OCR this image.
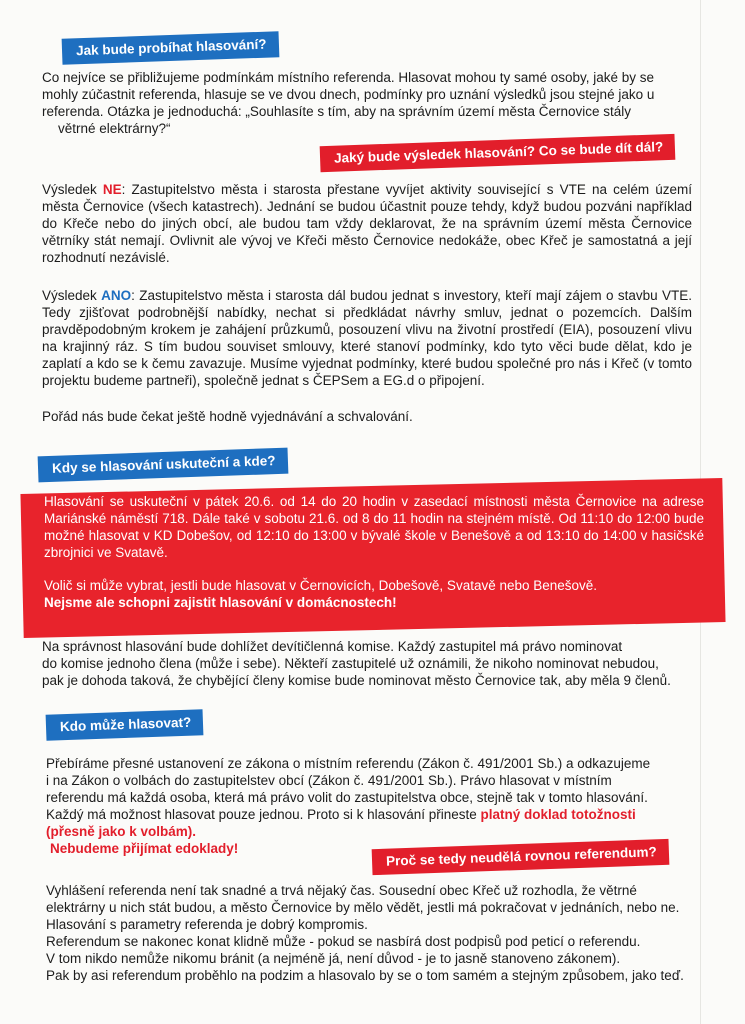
Jak bude probíhat hlasování?
Co nejvíce se přibližujeme podmínkám místního referenda. Hlasovat mohou ty samé osoby, jaké by se
mohly zúčastnit referenda, hlasuje se ve dvou dnech, podmínky pro uznání výsledků jsou stejné jako u
referenda. Otázka je jednoduchá: „Souhlasíte s tím, aby na správním území města Černovice stály
větrné elektrárny?“
Jaký bude výsledek hlasování? Co se bude dít dál?

Výsledek NE: Zastupitelstvo města i starosta přestane vyvíjet aktivity související s VTE na celém území města Černovice (všech katastrech). Jednání se budou účastnit pouze tehdy, když budou pozváni například do Křeče nebo do jiných obcí, ale budou tam vždy deklarovat, že na správním území města Černovice větrníky stát nemají. Ovlivnit ale vývoj ve Křeči město Černovice nedokáže, obec Křeč je samostatná a její rozhodnutí nezávislé.

Výsledek ANO: Zastupitelstvo města i starosta dál budou jednat s investory, kteří mají zájem o stavbu VTE. Tedy zjišťovat podrobnější nabídky, nechat si předkládat návrhy smluv, jednat o pozemcích. Dalším pravděpodobným krokem je zahájení průzkumů, posouzení vlivu na životní prostředí (EIA), posouzení vlivu na krajinný ráz. S tím budou souviset smlouvy, které stanoví podmínky, kdo tyto věci bude dělat, kdo je zaplatí a kdo se k čemu zavazuje. Musíme vyjednat podmínky, které budou společné pro nás i Křeč (v tomto projektu budeme partneři), společně jednat s ČEPSem a EG.d o připojení.

Pořád nás bude čekat ještě hodně vyjednávání a schvalování.

Kdy se hlasování uskuteční a kde?

Hlasování se uskuteční v pátek 20.6. od 14 do 20 hodin v zasedací místnosti města Černovice na adrese Mariánské náměstí 718. Dále také v sobotu 21.6. od 8 do 11 hodin na stejném místě. Od 11:10 do 12:00 bude možné hlasovat v KD Dobešov, od 12:10 do 13:00 v bývalé škole v Benešově a od 13:10 do 14:00 v hasičské zbrojnici ve Svatavě.

Volič si může vybrat, jestli bude hlasovat v Černovicích, Dobešově, Svatavě nebo Benešově.

Nejsme ale schopni zajistit hlasování v domácnostech!

Na správnost hlasování bude dohlížet devítičlenná komise. Každý zastupitel má právo nominovat
do komise jednoho člena (může i sebe). Někteří zastupitelé už oznámili, že nikoho nominovat nebudou,
pak je dohoda taková, že chybějící členy komise bude nominovat město Černovice tak, aby měla 9 členů.
Kdo může hlasovat?
Přebíráme přesné ustanovení ze zákona o místním referendu (Zákon č. 491/2001 Sb.) a odkazujeme
i na Zákon o volbách do zastupitelstev obcí (Zákon č. 491/2001 Sb.). Právo hlasovat v místním
referendu má každá osoba, která má právo volit do zastupitelstva obce, stejně tak v tomto hlasování.
Každý má možnost hlasovat pouze jednou. Proto si k hlasování přineste platný doklad totožnosti
(přesně jako k volbám).
Nebudeme přijímat edoklady!	Proč se tedy neudělá rovnou referendum?
Vyhlášení referenda není tak snadné a trvá nějaký čas. Sousední obec Křeč už rozhodla, že větrné
elektrárny u nich stát budou, a město Černovice by mělo vědět, jestli má pokračovat v jednáních, nebo ne.
Hlasování s parametry referenda je dobrý kompromis.
Referendum se nakonec konat klidně může - pokud se nasbírá dost podpisů pod peticí o referendu.
V tom nikdo nemůže nikomu bránit (a nejméně já, není důvod - je to jasně stanoveno zákonem).
Pak by asi referendum proběhlo na podzim a hlasovalo by se o tom samém a stejným způsobem, jako teď.
